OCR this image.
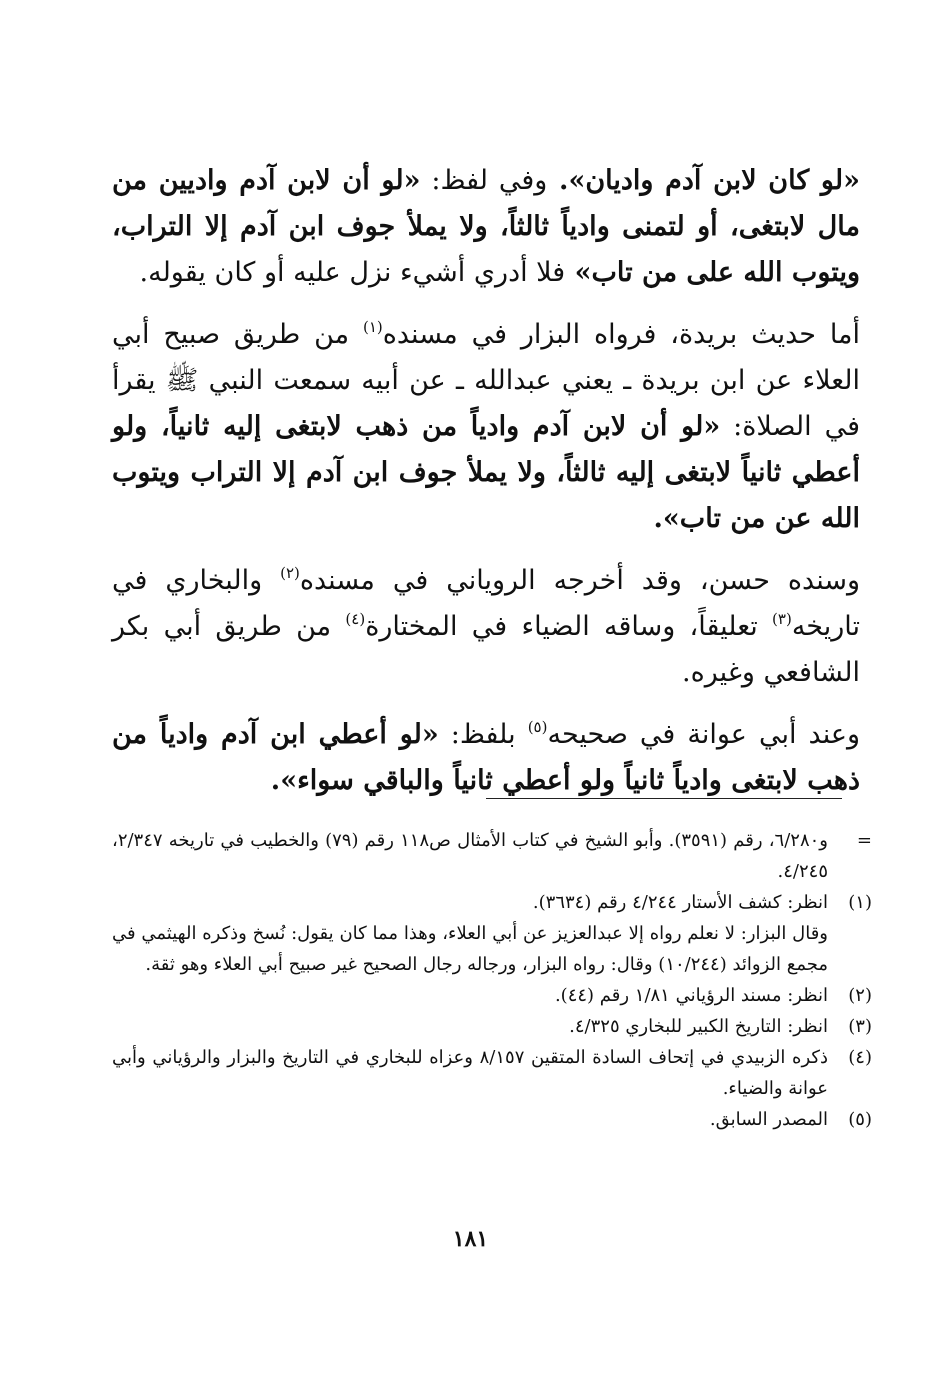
«لو كان لابن آدم واديان». وفي لفظ: «لو أن لابن آدم واديين من مال لابتغى، أو لتمنى وادياً ثالثاً، ولا يملأ جوف ابن آدم إلا التراب، ويتوب الله على من تاب» فلا أدري أشيء نزل عليه أو كان يقوله.

أما حديث بريدة، فرواه البزار في مسنده$^{(١)}$ من طريق صبيح أبي العلاء عن ابن بريدة ـ يعني عبدالله ـ عن أبيه سمعت النبي ﷺ يقرأ في الصلاة: «لو أن لابن آدم وادياً من ذهب لابتغى إليه ثانياً، ولو أعطي ثانياً لابتغى إليه ثالثاً، ولا يملأ جوف ابن آدم إلا التراب ويتوب الله عن من تاب».

وسنده حسن، وقد أخرجه الروياني في مسنده$^{(٢)}$ والبخاري في تاريخه$^{(٣)}$ تعليقاً، وساقه الضياء في المختارة$^{(٤)}$ من طريق أبي بكر الشافعي وغيره.

وعند أبي عوانة في صحيحه$^{(٥)}$ بلفظ: «لو أعطي ابن آدم وادياً من ذهب لابتغى وادياً ثانياً ولو أعطي ثانياً والباقي سواء».

=
و٦/٢٨٠، رقم (٣٥٩١). وأبو الشيخ في كتاب الأمثال ص١١٨ رقم (٧٩) والخطيب في تاريخه ٢/٣٤٧، ٤/٢٤٥.
(١)
انظر: كشف الأستار ٤/٢٤٤ رقم (٣٦٣٤).
وقال البزار: لا نعلم رواه إلا عبدالعزيز عن أبي العلاء، وهذا مما كان يقول: نُسخ وذكره الهيثمي في مجمع الزوائد (١٠/٢٤٤) وقال: رواه البزار، ورجاله رجال الصحيح غير صبيح أبي العلاء وهو ثقة.
(٢)
انظر: مسند الرؤياني ١/٨١ رقم (٤٤).
(٣)
انظر: التاريخ الكبير للبخاري ٤/٣٢٥.
(٤)
ذكره الزبيدي في إتحاف السادة المتقين ٨/١٥٧ وعزاه للبخاري في التاريخ والبزار والرؤياني وأبي عوانة والضياء.
(٥)
المصدر السابق.
١٨١
